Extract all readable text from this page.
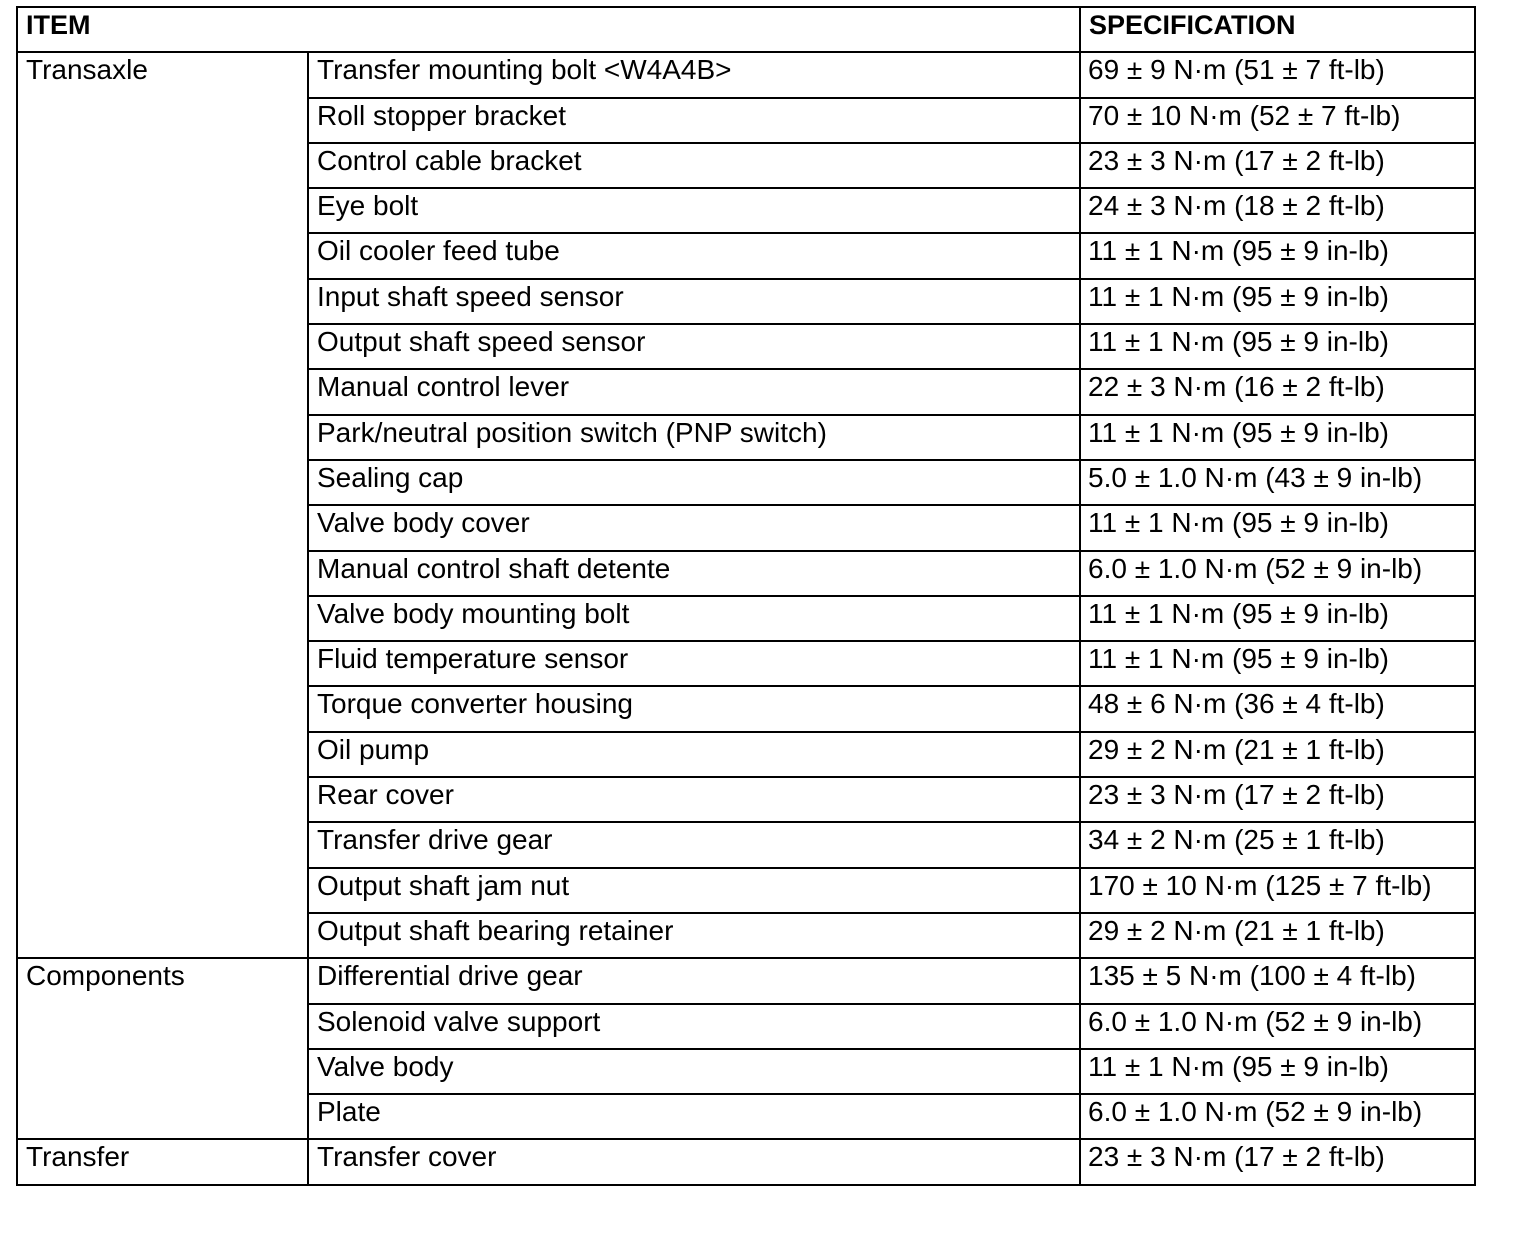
ITEM		SPECIFICATION
Transaxle	Transfer mounting bolt <W4A4B>	69 ± 9 N·m (51 ± 7 ft-lb)
	Roll stopper bracket	70 ± 10 N·m (52 ± 7 ft-lb)
	Control cable bracket	23 ± 3 N·m (17 ± 2 ft-lb)
	Eye bolt	24 ± 3 N·m (18 ± 2 ft-lb)
	Oil cooler feed tube	11 ± 1 N·m (95 ± 9 in-lb)
	Input shaft speed sensor	11 ± 1 N·m (95 ± 9 in-lb)
	Output shaft speed sensor	11 ± 1 N·m (95 ± 9 in-lb)
	Manual control lever	22 ± 3 N·m (16 ± 2 ft-lb)
	Park/neutral position switch (PNP switch)	11 ± 1 N·m (95 ± 9 in-lb)
	Sealing cap	5.0 ± 1.0 N·m (43 ± 9 in-lb)
	Valve body cover	11 ± 1 N·m (95 ± 9 in-lb)
	Manual control shaft detente	6.0 ± 1.0 N·m (52 ± 9 in-lb)
	Valve body mounting bolt	11 ± 1 N·m (95 ± 9 in-lb)
	Fluid temperature sensor	11 ± 1 N·m (95 ± 9 in-lb)
	Torque converter housing	48 ± 6 N·m (36 ± 4 ft-lb)
	Oil pump	29 ± 2 N·m (21 ± 1 ft-lb)
	Rear cover	23 ± 3 N·m (17 ± 2 ft-lb)
	Transfer drive gear	34 ± 2 N·m (25 ± 1 ft-lb)
	Output shaft jam nut	170 ± 10 N·m (125 ± 7 ft-lb)
	Output shaft bearing retainer	29 ± 2 N·m (21 ± 1 ft-lb)
Components	Differential drive gear	135 ± 5 N·m (100 ± 4 ft-lb)
	Solenoid valve support	6.0 ± 1.0 N·m (52 ± 9 in-lb)
	Valve body	11 ± 1 N·m (95 ± 9 in-lb)
	Plate	6.0 ± 1.0 N·m (52 ± 9 in-lb)
Transfer	Transfer cover	23 ± 3 N·m (17 ± 2 ft-lb)
